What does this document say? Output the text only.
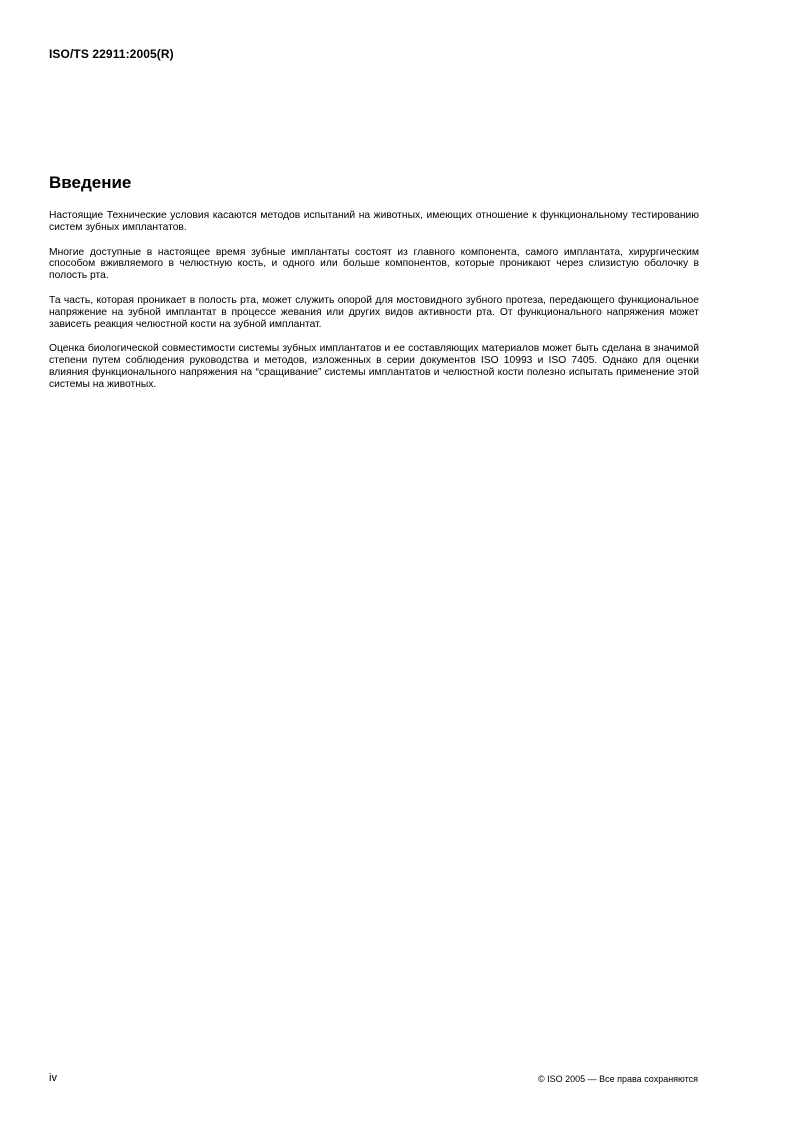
ISO/TS 22911:2005(R)
Введение

Настоящие Технические условия касаются методов испытаний на животных, имеющих отношение к функциональному тестированию систем зубных имплантатов.

Многие доступные в настоящее время зубные имплантаты состоят из главного компонента, самого имплантата, хирургическим способом вживляемого в челюстную кость, и одного или больше компонентов, которые проникают через слизистую оболочку в полость рта.

Та часть, которая проникает в полость рта, может служить опорой для мостовидного зубного протеза, передающего функциональное напряжение на зубной имплантат в процессе жевания или других видов активности рта. От функционального напряжения может зависеть реакция челюстной кости на зубной имплантат.

Оценка биологической совместимости системы зубных имплантатов и ее составляющих материалов может быть сделана в значимой степени путем соблюдения руководства и методов, изложенных в серии документов ISO 10993 и ISO 7405. Однако для оценки влияния функционального напряжения на “сращивание” системы имплантатов и челюстной кости полезно испытать применение этой системы на животных.

iv	© ISO 2005 — Все права сохраняются
